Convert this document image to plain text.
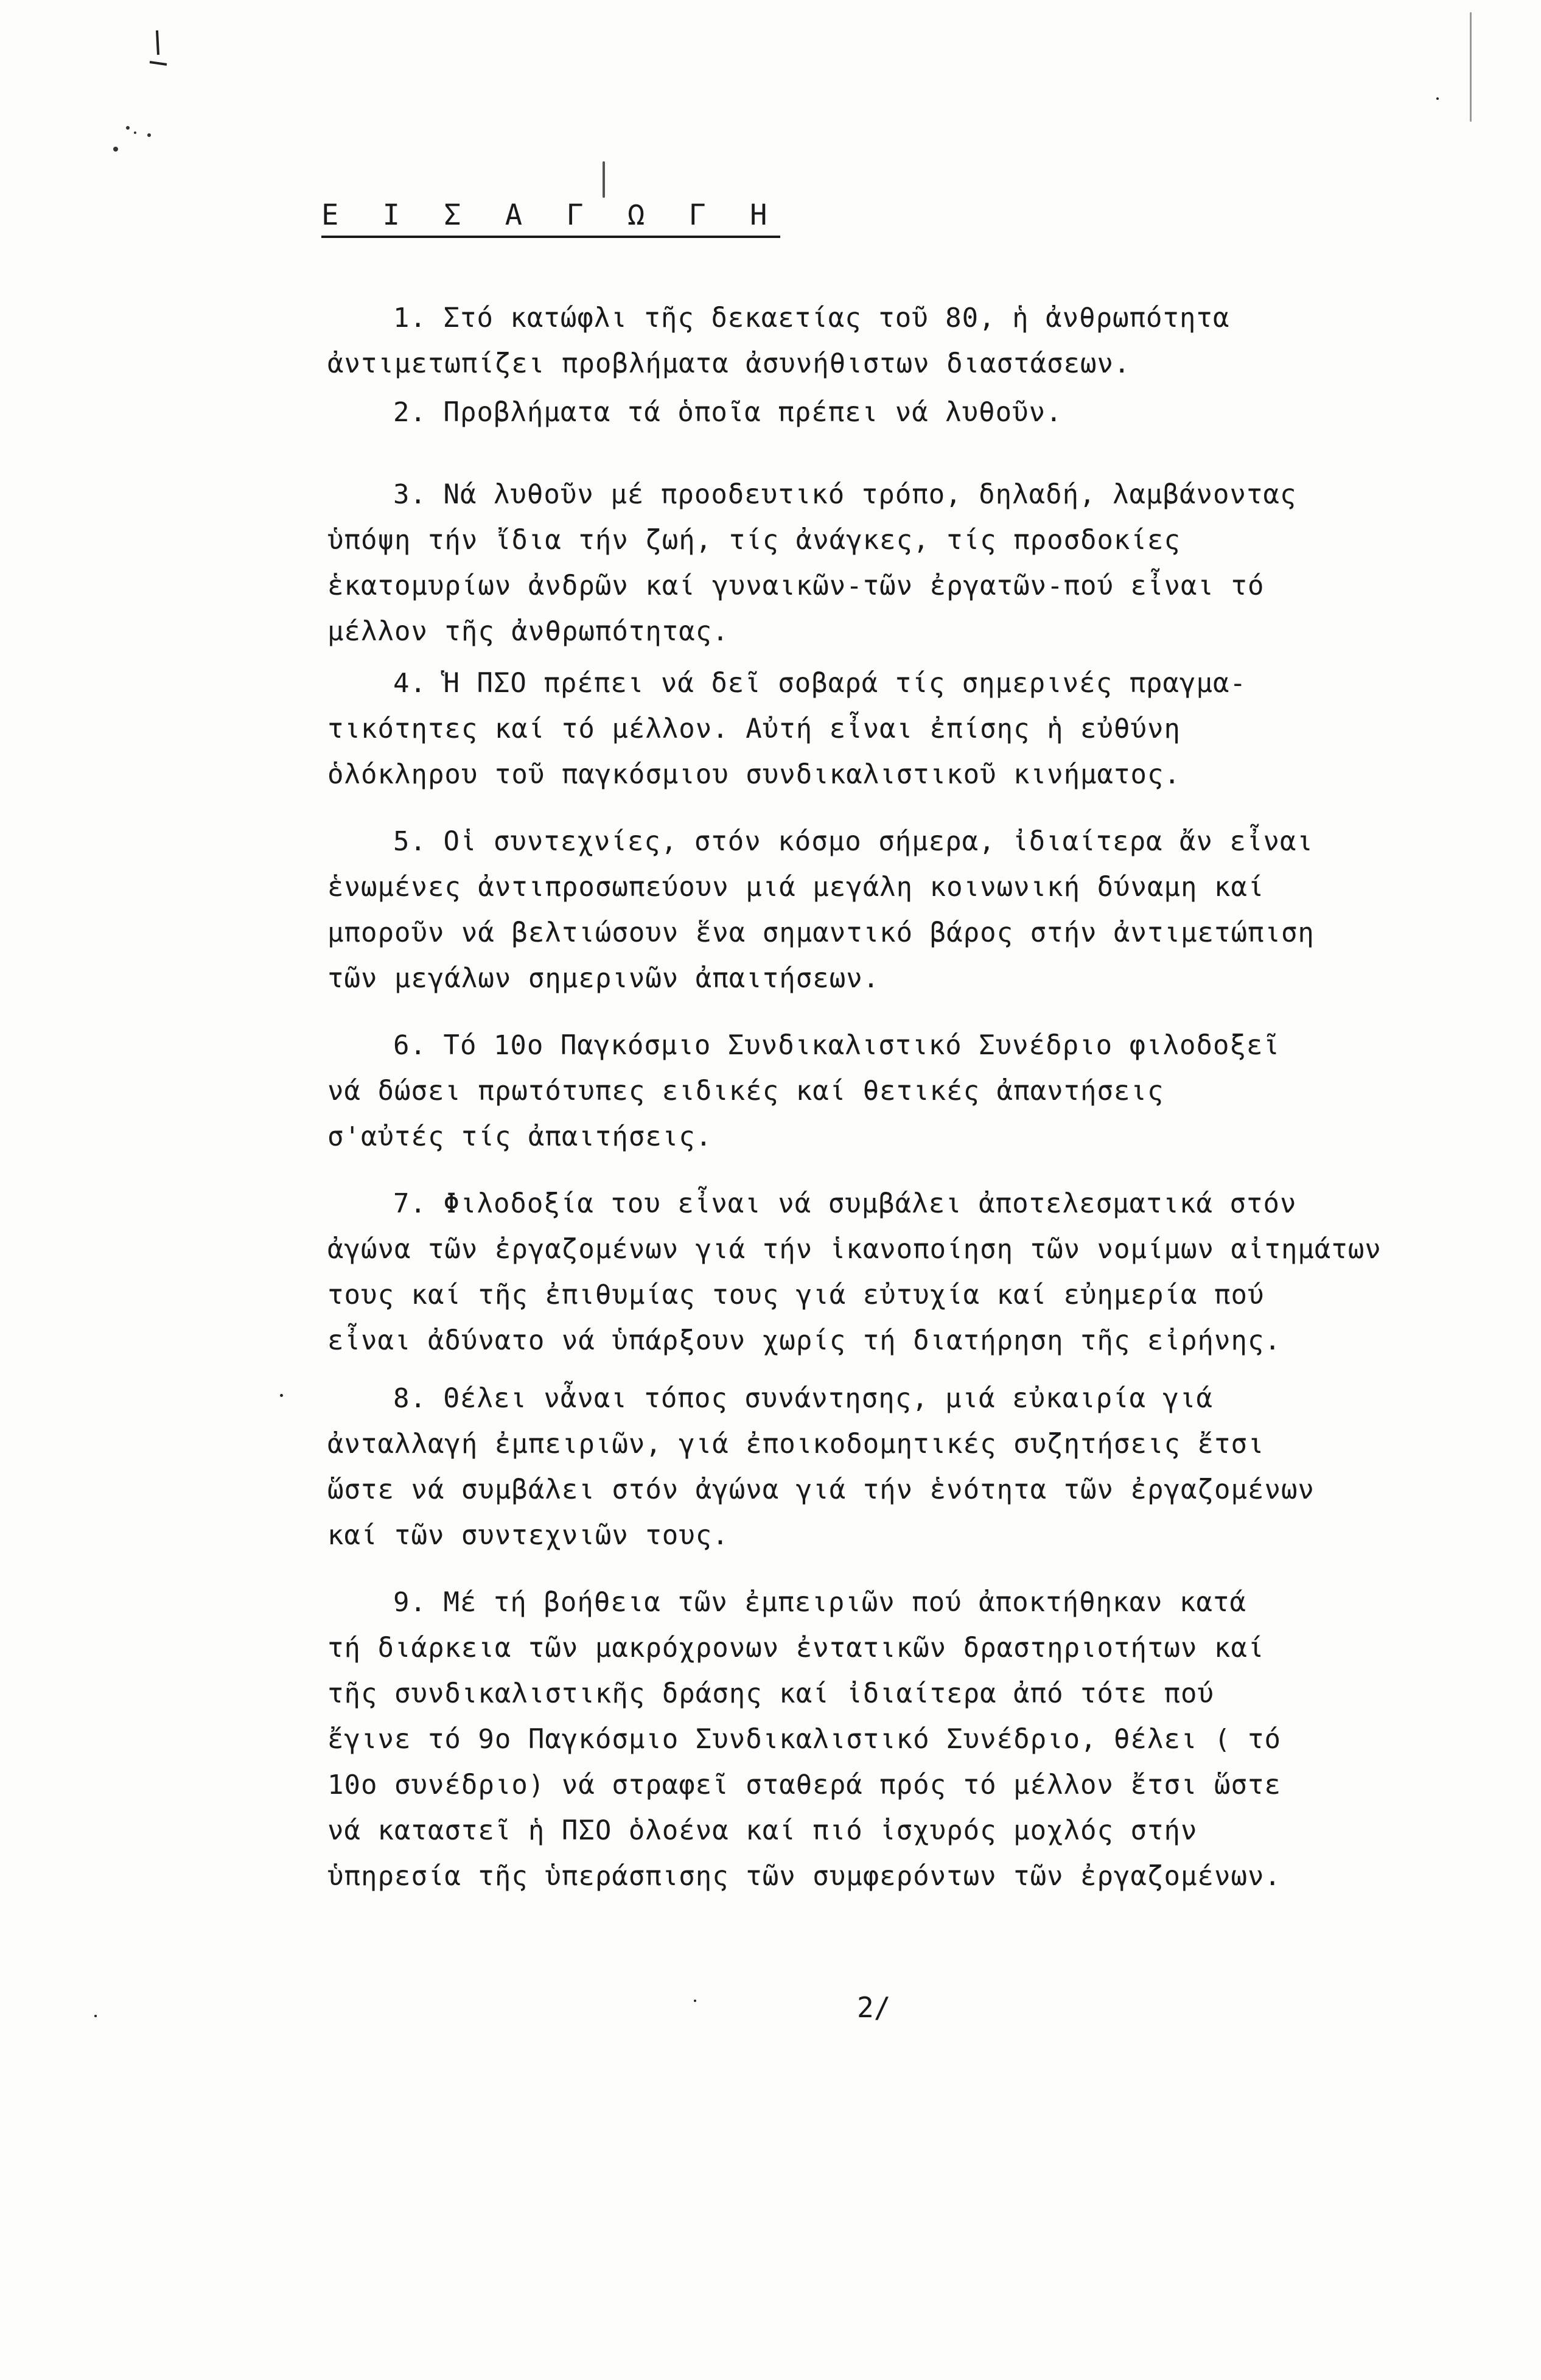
Ε Ι Σ Α Γ Ω Γ Η
1. Στό κατώφλι τῆς δεκαετίας τοῦ 80, ἡ ἀνθρωπότητα
ἀντιμετωπίζει προβλήματα ἀσυνήθιστων διαστάσεων.
2. Προβλήματα τά ὁποῖα πρέπει νά λυθοῦν.
3. Νά λυθοῦν μέ προοδευτικό τρόπο, δηλαδή, λαμβάνοντας
ὑπόψη τήν ἴδια τήν ζωή, τίς ἀνάγκες, τίς προσδοκίες
ἑκατομυρίων ἀνδρῶν καί γυναικῶν-τῶν ἐργατῶν-πού εἶναι τό
μέλλον τῆς ἀνθρωπότητας.
4. Ἡ ΠΣΟ πρέπει νά δεῖ σοβαρά τίς σημερινές πραγμα-
τικότητες καί τό μέλλον. Αὐτή εἶναι ἐπίσης ἡ εὐθύνη
ὁλόκληρου τοῦ παγκόσμιου συνδικαλιστικοῦ κινήματος.
5. Οἱ συντεχνίες, στόν κόσμο σήμερα, ἰδιαίτερα ἄν εἶναι
ἑνωμένες ἀντιπροσωπεύουν μιά μεγάλη κοινωνική δύναμη καί
μποροῦν νά βελτιώσουν ἕνα σημαντικό βάρος στήν ἀντιμετώπιση
τῶν μεγάλων σημερινῶν ἀπαιτήσεων.
6. Τό 10ο Παγκόσμιο Συνδικαλιστικό Συνέδριο φιλοδοξεῖ
νά δώσει πρωτότυπες ειδικές καί θετικές ἀπαντήσεις
σ'αὐτές τίς ἀπαιτήσεις.
7. Φιλοδοξία του εἶναι νά συμβάλει ἀποτελεσματικά στόν
ἀγώνα τῶν ἐργαζομένων γιά τήν ἱκανοποίηση τῶν νομίμων αἰτημάτων
τους καί τῆς ἐπιθυμίας τους γιά εὐτυχία καί εὐημερία πού
εἶναι ἀδύνατο νά ὑπάρξουν χωρίς τή διατήρηση τῆς εἰρήνης.
8. Θέλει νἆναι τόπος συνάντησης, μιά εὐκαιρία γιά
ἀνταλλαγή ἐμπειριῶν, γιά ἐποικοδομητικές συζητήσεις ἔτσι
ὥστε νά συμβάλει στόν ἀγώνα γιά τήν ἑνότητα τῶν ἐργαζομένων
καί τῶν συντεχνιῶν τους.
9. Μέ τή βοήθεια τῶν ἐμπειριῶν πού ἀποκτήθηκαν κατά
τή διάρκεια τῶν μακρόχρονων ἐντατικῶν δραστηριοτήτων καί
τῆς συνδικαλιστικῆς δράσης καί ἰδιαίτερα ἀπό τότε πού
ἔγινε τό 9ο Παγκόσμιο Συνδικαλιστικό Συνέδριο, θέλει ( τό
10ο συνέδριο) νά στραφεῖ σταθερά πρός τό μέλλον ἔτσι ὥστε
νά καταστεῖ ἡ ΠΣΟ ὁλοένα καί πιό ἰσχυρός μοχλός στήν
ὑπηρεσία τῆς ὑπεράσπισης τῶν συμφερόντων τῶν ἐργαζομένων.
2/
